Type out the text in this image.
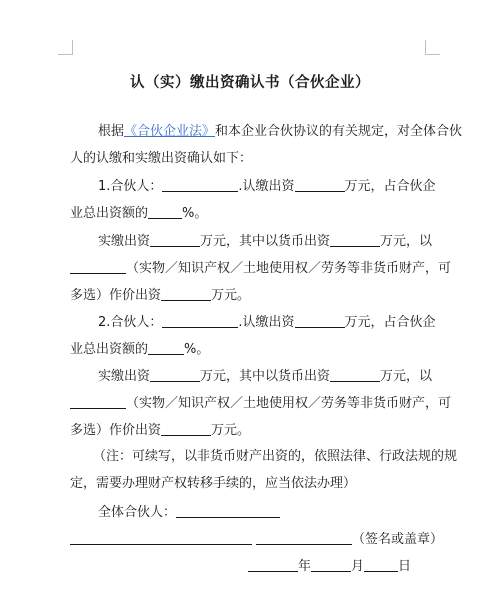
认（实）缴出资确认书（合伙企业）
根据《合伙企业法》和本企业合伙协议的有关规定，对全体合伙
人的认缴和实缴出资确认如下：
1.合伙人：	.认缴出资	万元，占合伙企
业总出资额的	%。
实缴出资	万元，其中以货币出资	万元，以
（实物／知识产权／土地使用权／劳务等非货币财产，可
多选）作价出资	万元。
2.合伙人：	.认缴出资	万元，占合伙企
业总出资额的	%。
实缴出资	万元，其中以货币出资	万元，以
（实物／知识产权／土地使用权／劳务等非货币财产，可
多选）作价出资	万元。
（注：可续写，以非货币财产出资的，依照法律、行政法规的规
定，需要办理财产权转移手续的，应当依法办理）
全体合伙人：
（签名或盖章）
年	月	日
